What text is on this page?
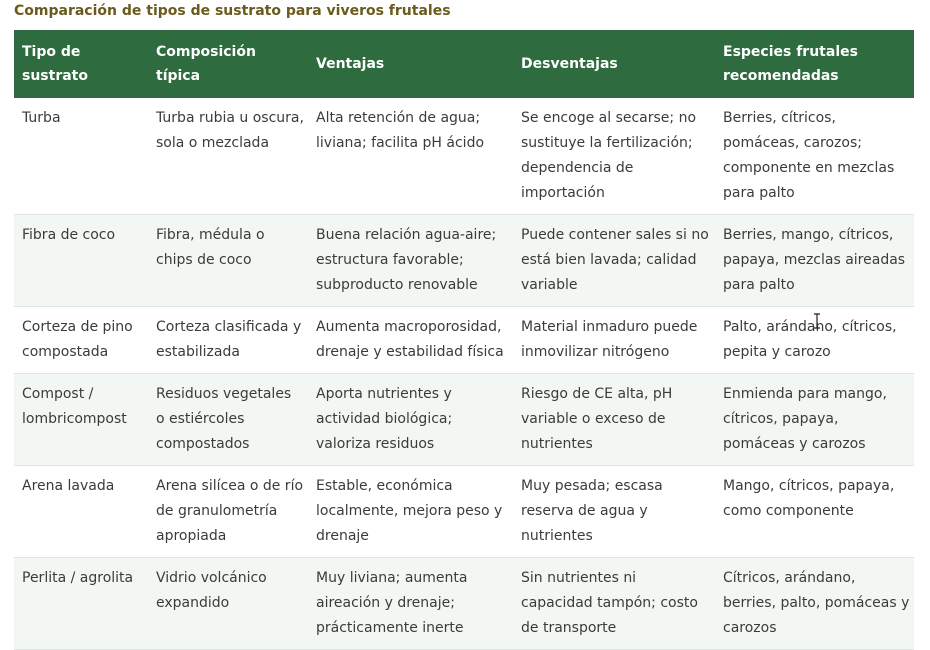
Comparación de tipos de sustrato para viveros frutales
Tipo de sustrato	Composición típica	Ventajas	Desventajas	Especies frutales recomendadas
Turba	Turba rubia u oscura, sola o mezclada	Alta retención de agua; liviana; facilita pH ácido	Se encoge al secarse; no sustituye la fertilización; dependencia de importación	Berries, cítricos, pomáceas, carozos; componente en mezclas para palto
Fibra de coco	Fibra, médula o chips de coco	Buena relación agua-aire; estructura favorable; subproducto renovable	Puede contener sales si no está bien lavada; calidad variable	Berries, mango, cítricos, papaya, mezclas aireadas para palto
Corteza de pino compostada	Corteza clasificada y estabilizada	Aumenta macroporosidad, drenaje y estabilidad física	Material inmaduro puede inmovilizar nitrógeno	Palto, arándano, cítricos, pepita y carozo
Compost / lombricompost	Residuos vegetales o estiércoles compostados	Aporta nutrientes y actividad biológica; valoriza residuos	Riesgo de CE alta, pH variable o exceso de nutrientes	Enmienda para mango, cítricos, papaya, pomáceas y carozos
Arena lavada	Arena silícea o de río de granulometría apropiada	Estable, económica localmente, mejora peso y drenaje	Muy pesada; escasa reserva de agua y nutrientes	Mango, cítricos, papaya, como componente
Perlita / agrolita	Vidrio volcánico expandido	Muy liviana; aumenta aireación y drenaje; prácticamente inerte	Sin nutrientes ni capacidad tampón; costo de transporte	Cítricos, arándano, berries, palto, pomáceas y carozos
